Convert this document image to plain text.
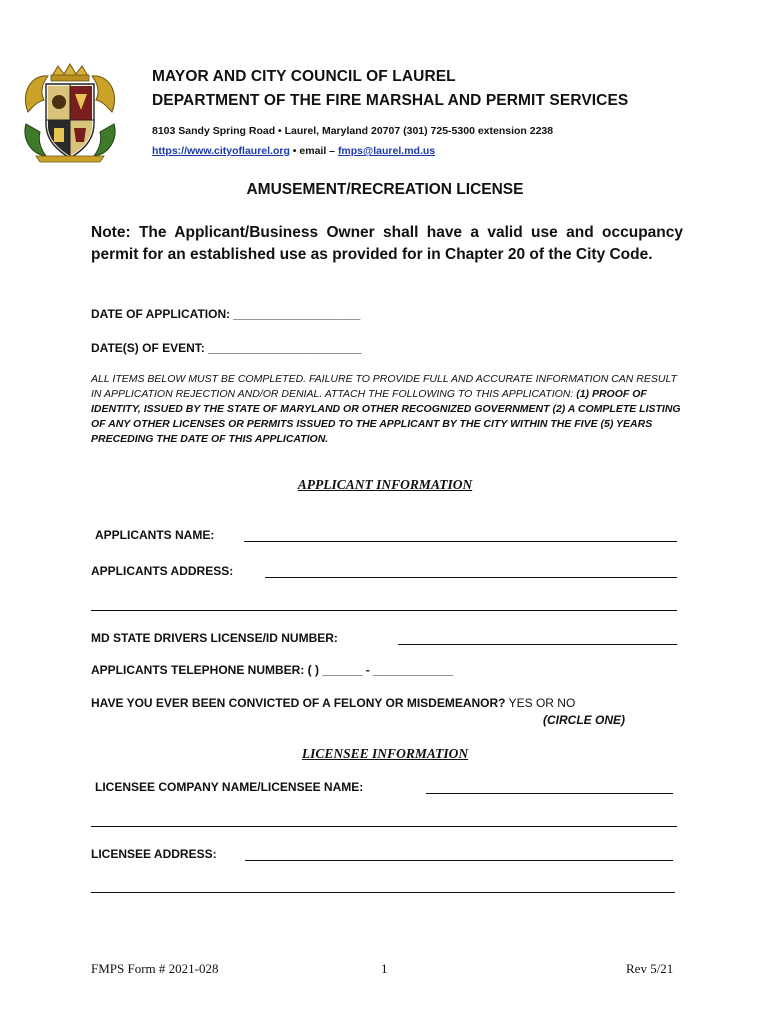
MAYOR AND CITY COUNCIL OF LAUREL
DEPARTMENT OF THE FIRE MARSHAL AND PERMIT SERVICES
8103 Sandy Spring Road • Laurel, Maryland 20707 (301) 725-5300 extension 2238
https://www.cityoflaurel.org • email – fmps@laurel.md.us
AMUSEMENT/RECREATION LICENSE
Note: The Applicant/Business Owner shall have a valid use and occupancy permit for an established use as provided for in Chapter 20 of the City Code.
DATE OF APPLICATION: ___________________
DATE(S) OF EVENT: _______________________
ALL ITEMS BELOW MUST BE COMPLETED. FAILURE TO PROVIDE FULL AND ACCURATE INFORMATION CAN RESULT IN APPLICATION REJECTION AND/OR DENIAL. ATTACH THE FOLLOWING TO THIS APPLICATION: (1) PROOF OF IDENTITY, ISSUED BY THE STATE OF MARYLAND OR OTHER RECOGNIZED GOVERNMENT (2) A COMPLETE LISTING OF ANY OTHER LICENSES OR PERMITS ISSUED TO THE APPLICANT BY THE CITY WITHIN THE FIVE (5) YEARS PRECEDING THE DATE OF THIS APPLICATION.
APPLICANT INFORMATION
APPLICANTS NAME:
APPLICANTS ADDRESS:
MD STATE DRIVERS LICENSE/ID NUMBER:
APPLICANTS TELEPHONE NUMBER: ( ) ______ - ____________
HAVE YOU EVER BEEN CONVICTED OF A FELONY OR MISDEMEANOR? YES OR NO
(CIRCLE ONE)
LICENSEE INFORMATION
LICENSEE COMPANY NAME/LICENSEE NAME:
LICENSEE ADDRESS:
FMPS Form # 2021-028	1	Rev 5/21
